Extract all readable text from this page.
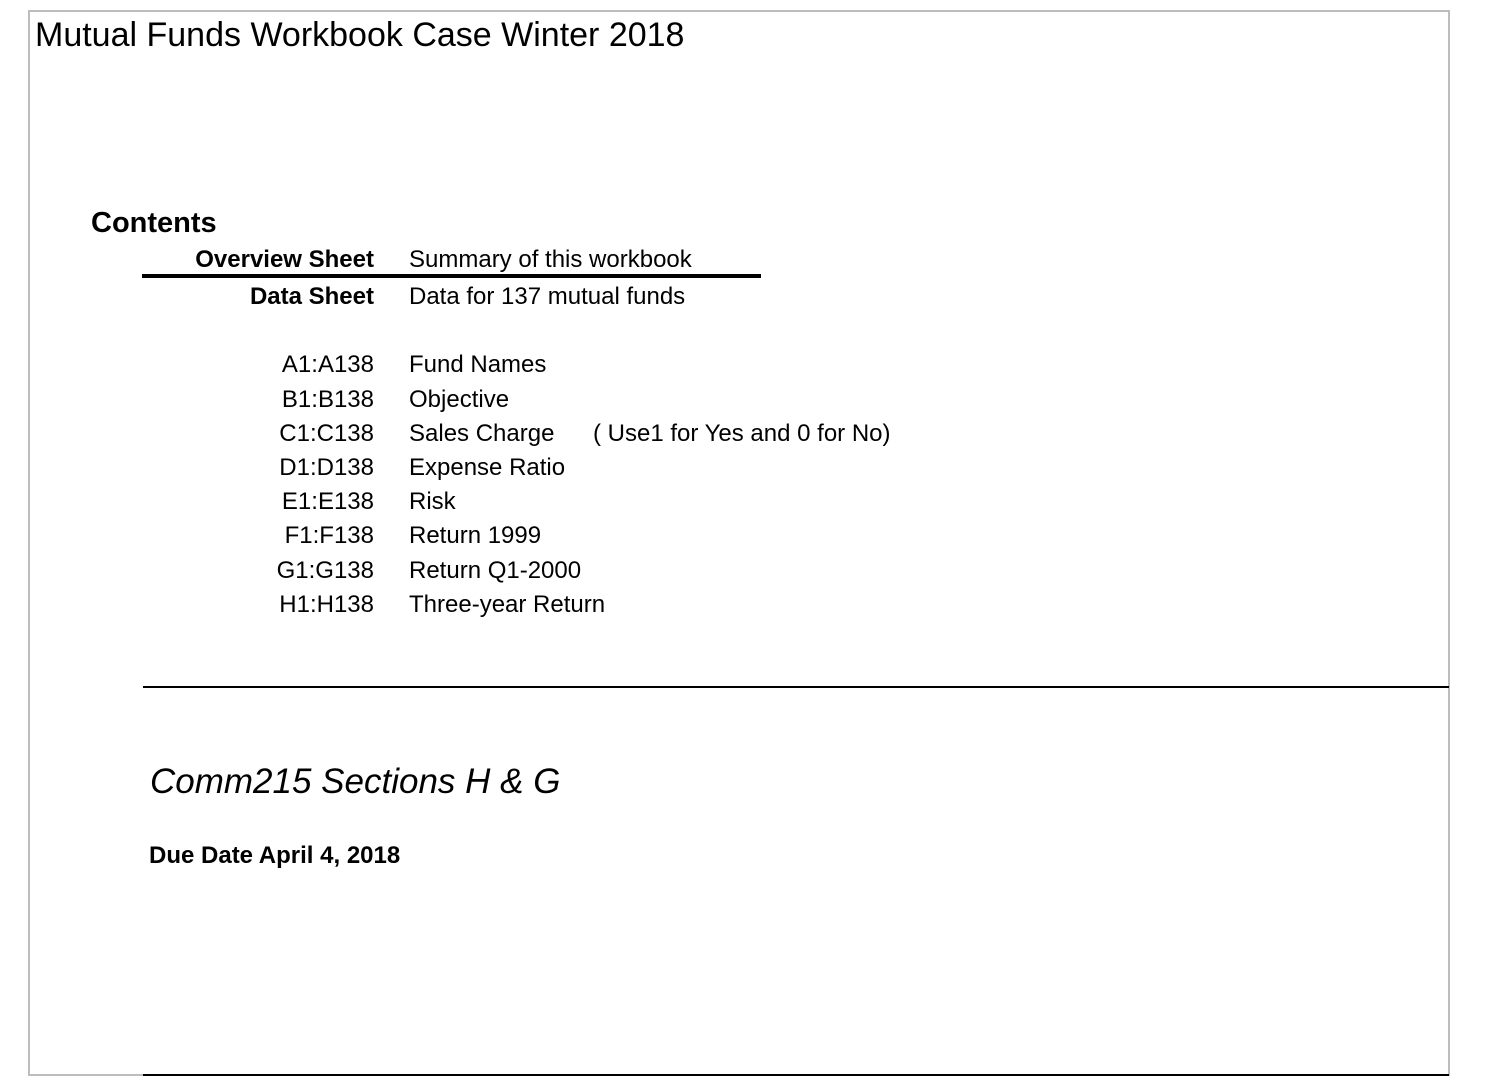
Mutual Funds Workbook Case Winter 2018
Contents
Overview Sheet Summary of this workbook
Data Sheet Data for 137 mutual funds
A1:A138 Fund Names
B1:B138 Objective
C1:C138 Sales Charge ( Use1 for Yes and 0 for No)
D1:D138 Expense Ratio
E1:E138 Risk
F1:F138 Return 1999
G1:G138 Return Q1-2000
H1:H138 Three-year Return
Comm215 Sections H & G
Due Date April 4, 2018
